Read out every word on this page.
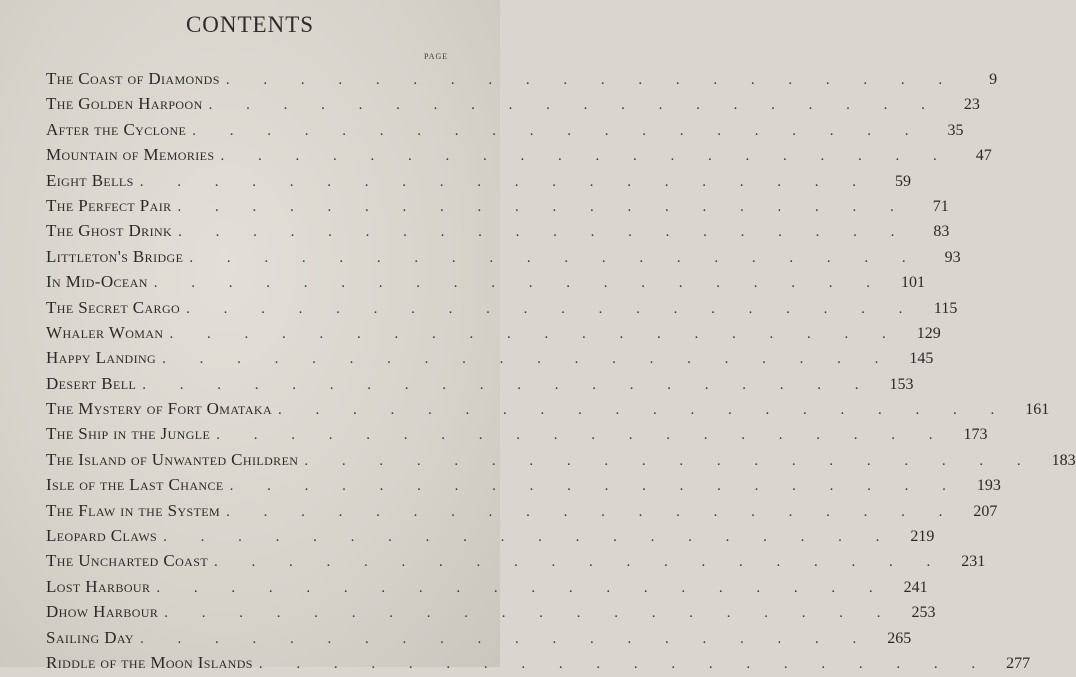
CONTENTS
PAGE
The Coast of Diamonds . . . . . . . . . . . . . . . . . . . .	9
The Golden Harpoon . . . . . . . . . . . . . . . . . . . .	23
After the Cyclone . . . . . . . . . . . . . . . . . . . .	35
Mountain of Memories . . . . . . . . . . . . . . . . . . . .	47
Eight Bells . . . . . . . . . . . . . . . . . . . .	59
The Perfect Pair . . . . . . . . . . . . . . . . . . . .	71
The Ghost Drink . . . . . . . . . . . . . . . . . . . .	83
Littleton's Bridge . . . . . . . . . . . . . . . . . . . .	93
In Mid-Ocean . . . . . . . . . . . . . . . . . . . .	101
The Secret Cargo . . . . . . . . . . . . . . . . . . . .	115
Whaler Woman . . . . . . . . . . . . . . . . . . . .	129
Happy Landing . . . . . . . . . . . . . . . . . . . .	145
Desert Bell . . . . . . . . . . . . . . . . . . . .	153
The Mystery of Fort Omataka . . . . . . . . . . . . . . . . . . . .	161
The Ship in the Jungle . . . . . . . . . . . . . . . . . . . .	173
The Island of Unwanted Children . . . . . . . . . . . . . . . . . . . .	183
Isle of the Last Chance . . . . . . . . . . . . . . . . . . . .	193
The Flaw in the System . . . . . . . . . . . . . . . . . . . .	207
Leopard Claws . . . . . . . . . . . . . . . . . . . .	219
The Uncharted Coast . . . . . . . . . . . . . . . . . . . .	231
Lost Harbour . . . . . . . . . . . . . . . . . . . .	241
Dhow Harbour . . . . . . . . . . . . . . . . . . . .	253
Sailing Day . . . . . . . . . . . . . . . . . . . .	265
Riddle of the Moon Islands . . . . . . . . . . . . . . . . . . . .	277
